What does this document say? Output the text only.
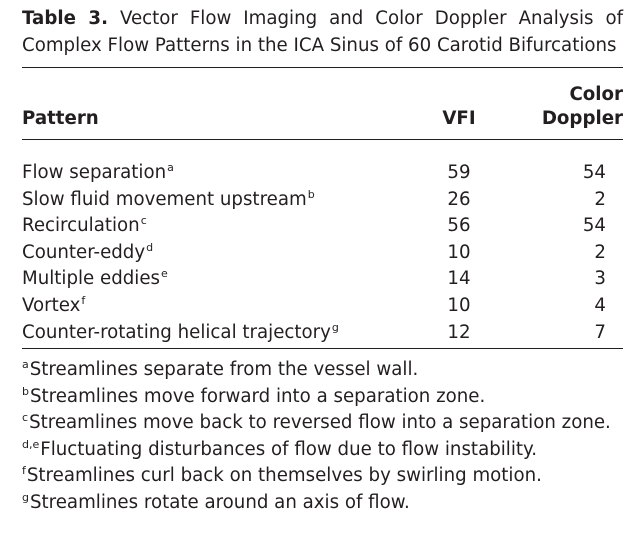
Table 3. Vector Flow Imaging and Color Doppler Analysis of Complex Flow Patterns in the ICA Sinus of 60 Carotid Bifurcations

Pattern	VFI	Color
Doppler
Flow separation$^a$	59	54
Slow fluid movement upstream$^b$	26	2
Recirculation$^c$	56	54
Counter-eddy$^d$	10	2
Multiple eddies$^e$	14	3
Vortex$^f$	10	4
Counter-rotating helical trajectory$^g$	12	7
$^a$Streamlines separate from the vessel wall.
$^b$Streamlines move forward into a separation zone.
$^c$Streamlines move back to reversed flow into a separation zone.
$^{d,e}$Fluctuating disturbances of flow due to flow instability.
$^f$Streamlines curl back on themselves by swirling motion.
$^g$Streamlines rotate around an axis of flow.
